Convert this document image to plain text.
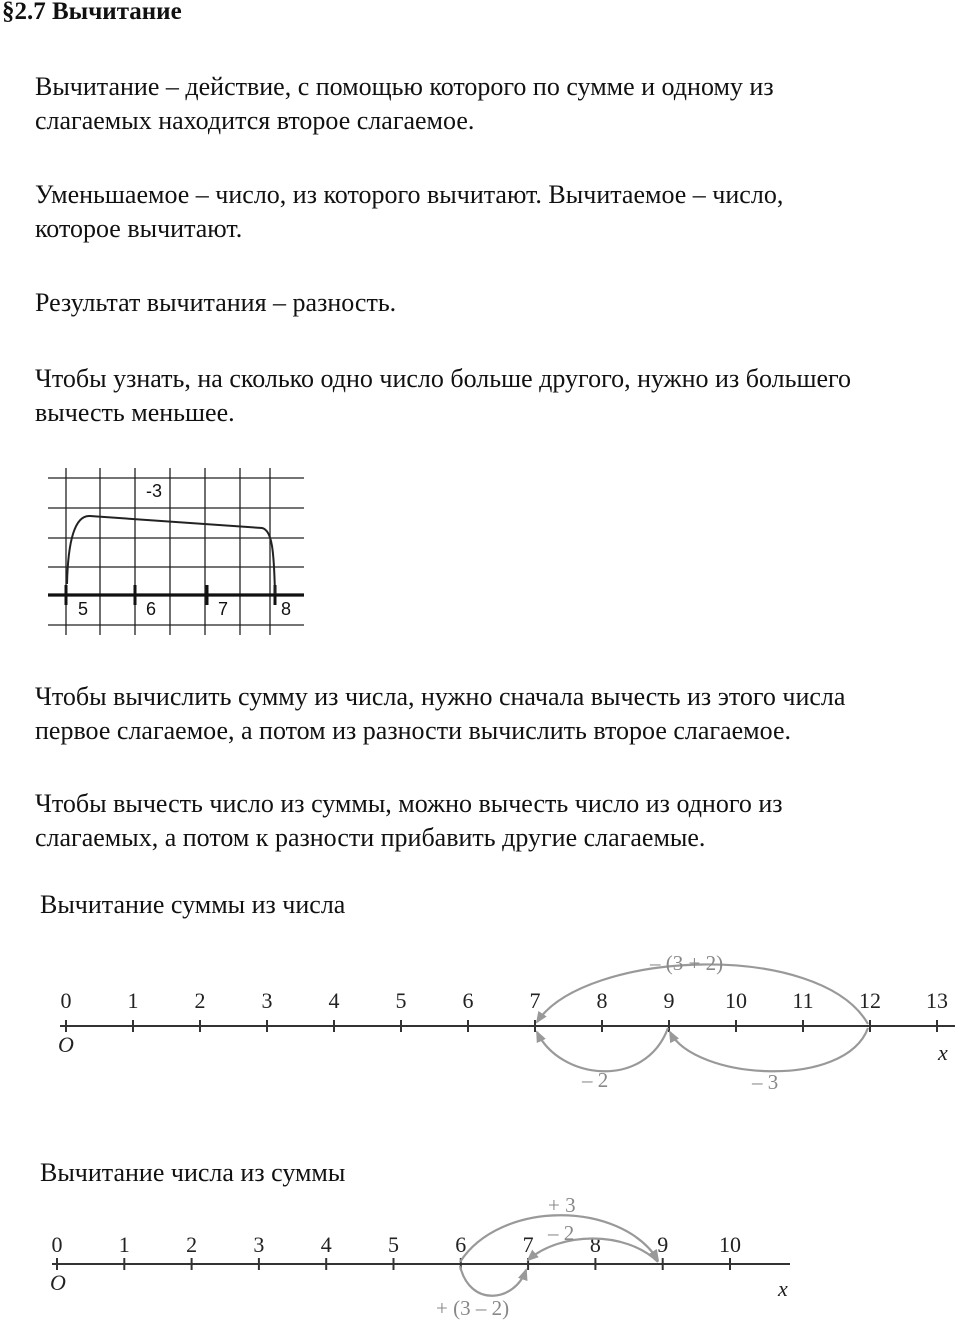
§2.7 Вычитание
Вычитание – действие, с помощью которого по сумме и одному из
слагаемых находится второе слагаемое.
Уменьшаемое – число, из которого вычитают. Вычитаемое – число,
которое вычитают.
Результат вычитания – разность.
Чтобы узнать, на сколько одно число больше другого, нужно из большего
вычесть меньшее.
-3
5	6	7	8
Чтобы вычислить сумму из числа, нужно сначала вычесть из этого числа
первое слагаемое, а потом из разности вычислить второе слагаемое.
Чтобы вычесть число из суммы, можно вычесть число из одного из
слагаемых, а потом к разности прибавить другие слагаемые.
Вычитание суммы из числа
0	1	2	3	4	5	6	7	8	9 10 11 12 13
O	x
– (3 + 2)
– 2	– 3
Вычитание числа из суммы
0	1	2	3	4	5	6	7	8	9 10
O	x
+ 3
– 2
+ (3 – 2)
